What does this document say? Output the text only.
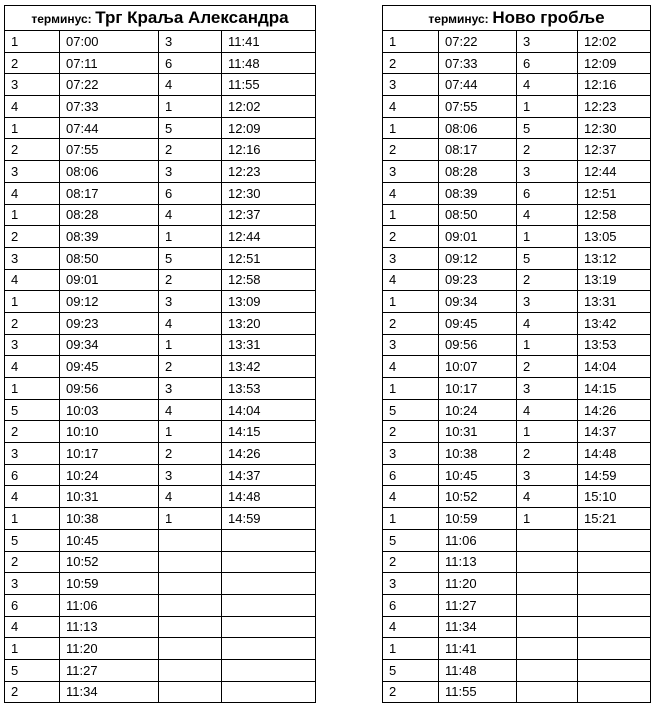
терминус: Трг Краља Александра			
1	07:00	3	11:41
2	07:11	6	11:48
3	07:22	4	11:55
4	07:33	1	12:02
1	07:44	5	12:09
2	07:55	2	12:16
3	08:06	3	12:23
4	08:17	6	12:30
1	08:28	4	12:37
2	08:39	1	12:44
3	08:50	5	12:51
4	09:01	2	12:58
1	09:12	3	13:09
2	09:23	4	13:20
3	09:34	1	13:31
4	09:45	2	13:42
1	09:56	3	13:53
5	10:03	4	14:04
2	10:10	1	14:15
3	10:17	2	14:26
6	10:24	3	14:37
4	10:31	4	14:48
1	10:38	1	14:59
5	10:45		
2	10:52		
3	10:59		
6	11:06		
4	11:13		
1	11:20		
5	11:27		
2	11:34		
терминус: Ново гробље			
1	07:22	3	12:02
2	07:33	6	12:09
3	07:44	4	12:16
4	07:55	1	12:23
1	08:06	5	12:30
2	08:17	2	12:37
3	08:28	3	12:44
4	08:39	6	12:51
1	08:50	4	12:58
2	09:01	1	13:05
3	09:12	5	13:12
4	09:23	2	13:19
1	09:34	3	13:31
2	09:45	4	13:42
3	09:56	1	13:53
4	10:07	2	14:04
1	10:17	3	14:15
5	10:24	4	14:26
2	10:31	1	14:37
3	10:38	2	14:48
6	10:45	3	14:59
4	10:52	4	15:10
1	10:59	1	15:21
5	11:06		
2	11:13		
3	11:20		
6	11:27		
4	11:34		
1	11:41		
5	11:48		
2	11:55		
